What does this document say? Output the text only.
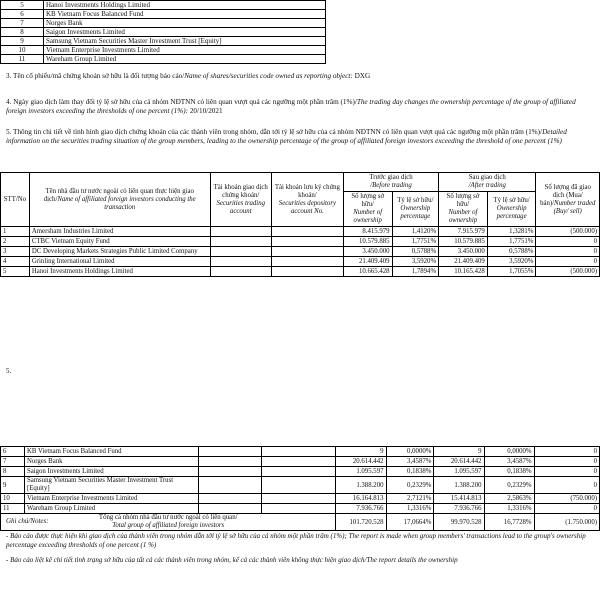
5	Hanoi Investments Holdings Limited
6	KB Vietnam Focus Balanced Fund
7	Norges Bank
8	Saigon Investments Limited
9	Samsung Vietnam Securities Master Investment Trust [Equity]
10	Vietnam Enterprise Investments Limited
11	Wareham Group Limited
3. Tên cổ phiếu/mã chứng khoán sở hữu là đối tượng báo cáo/Name of shares/securities code owned as reporting object: DXG
4. Ngày giao dịch làm thay đổi tỷ lệ sở hữu của cả nhóm NĐTNN có liên quan vượt quá các ngưỡng một phần trăm (1%)/The trading day changes the ownership percentage of the group of affiliated foreign investors exceeding the thresholds of one percent (1%): 20/10/2021
5. Thông tin chi tiết về tình hình giao dịch chứng khoán của các thành viên trong nhóm, dẫn tới tỷ lệ sở hữu của cả nhóm NĐTNN có liên quan vượt quá các ngưỡng một phần trăm (1%)/Detailed information on the securities trading situation of the group members, leading to the ownership percentage of the group of affiliated foreign investors exceeding the threshold of one percent (1%)
STT/No	Tên nhà đầu tư nước ngoài có liên quan thực hiện giao dịch/Name of affiliated foreign investors conducting the transaction	Tài khoản giao dịch chứng khoán/
Securities trading account	Tài khoản lưu ký chứng khoán/
Securities depository account No.	Trước giao dịch
/Before trading		Sau giao dịch
/After trading		Số lượng đã giao dịch (Mua/ bán)/Number traded (Buy/ sell)
				Số lượng sở hữu/
Number of ownership	Tỷ lệ sở hữu/
Ownership percentage	Số lượng sở hữu/
Number of ownership	Tỷ lệ sở hữu/
Ownership percentage	
1	Amersham Industries Limited			8.415.979	1,4120%	7.915.979	1,3281%	(500.000)
2	CTBC Vietnam Equity Fund			10.579.885	1,7751%	10.579.885	1,7751%	0
3	DC Developing Markets Strategies Public Limited Company			3.450.000	0,5788%	3.450.000	0,5788%	0
4	Grinling International Limited			21.409.409	3,5920%	21.409.409	3,5920%	0
5	Hanoi Investments Holdings Limited			10.665.428	1,7894%	10.165.428	1,7055%	(500.000)
5.
6	KB Vietnam Focus Balanced Fund			9	0,0000%	9	0,0000%	0
7	Norges Bank			20.614.442	3,4587%	20.614.442	3,4587%	0
8	Saigon Investments Limited			1.095.597	0,1838%	1.095.597	0,1838%	0
9	Samsung Vietnam Securities Master Investment Trust [Equity]			1.388.200	0,2329%	1.388.200	0,2329%	0
10	Vietnam Enterprise Investments Limited			16.164.813	2,7121%	15.414.813	2,5863%	(750.000)
11	Wareham Group Limited			7.936.766	1,3316%	7.936.766	1,3316%	0
Tổng cả nhóm nhà đầu tư nước ngoài có liên quan/
Total group of affiliated foreign investors				101.720.528	17,0664%	99.970.528	16,7728%	(1.750.000)
Ghi chú/Notes:
- Báo cáo được thực hiện khi giao dịch của thành viên trong nhóm dẫn tới tỷ lệ sở hữu của cả nhóm một phần trăm (1%); The report is made when group members' transactions lead to the group's ownership percentage exceeding thresholds of one percent (1 %)
- Báo cáo liệt kê chi tiết tình trạng sở hữu của tất cả các thành viên trong nhóm, kể cả các thành viên không thực hiện giao dịch/The report details the ownership
